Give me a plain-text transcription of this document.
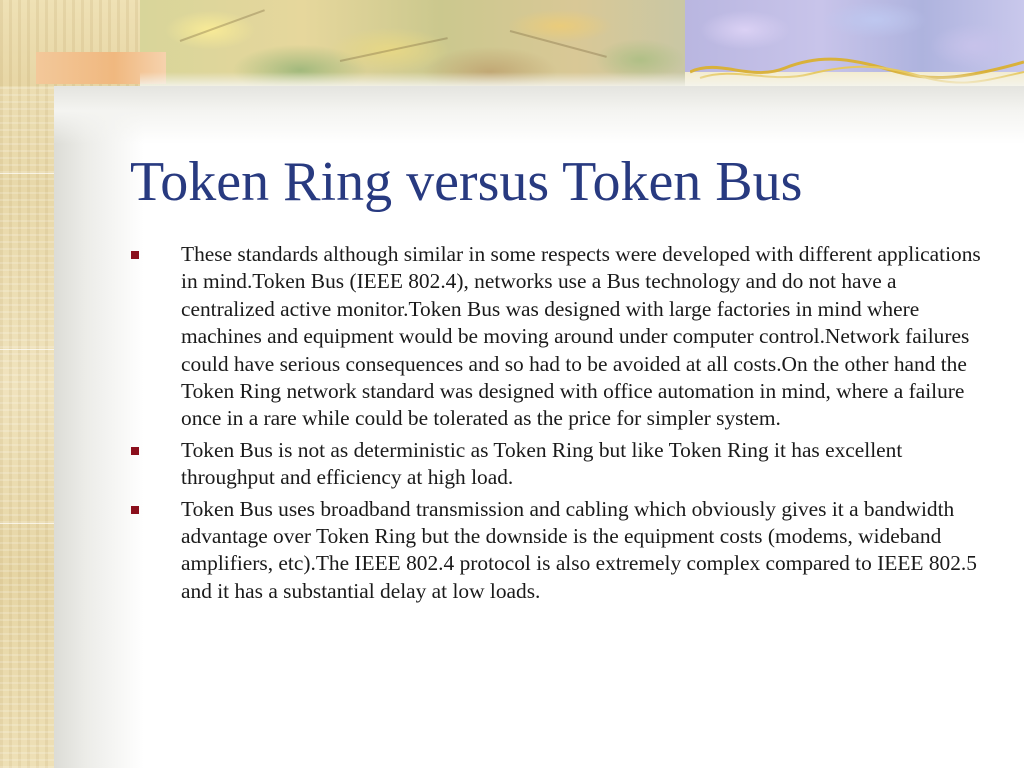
Token Ring versus Token Bus
These standards although similar in some respects were developed with different applications in mind.Token Bus (IEEE 802.4), networks use a Bus technology and do not have a centralized active monitor.Token Bus was designed with large factories in mind where machines and equipment would be moving around under computer control.Network failures could have serious consequences and so had to be avoided at all costs.On the other hand the Token Ring network standard was designed with office automation in mind, where a failure once in a rare while could be tolerated as the price for simpler system.
Token Bus is not as deterministic as Token Ring but like Token Ring it has excellent throughput and efficiency at high load.
Token Bus uses broadband transmission and cabling which obviously gives it a bandwidth advantage over Token Ring but the downside is the equipment costs (modems, wideband amplifiers, etc).The IEEE 802.4 protocol is also extremely complex compared to IEEE 802.5 and it has a substantial delay at low loads.
